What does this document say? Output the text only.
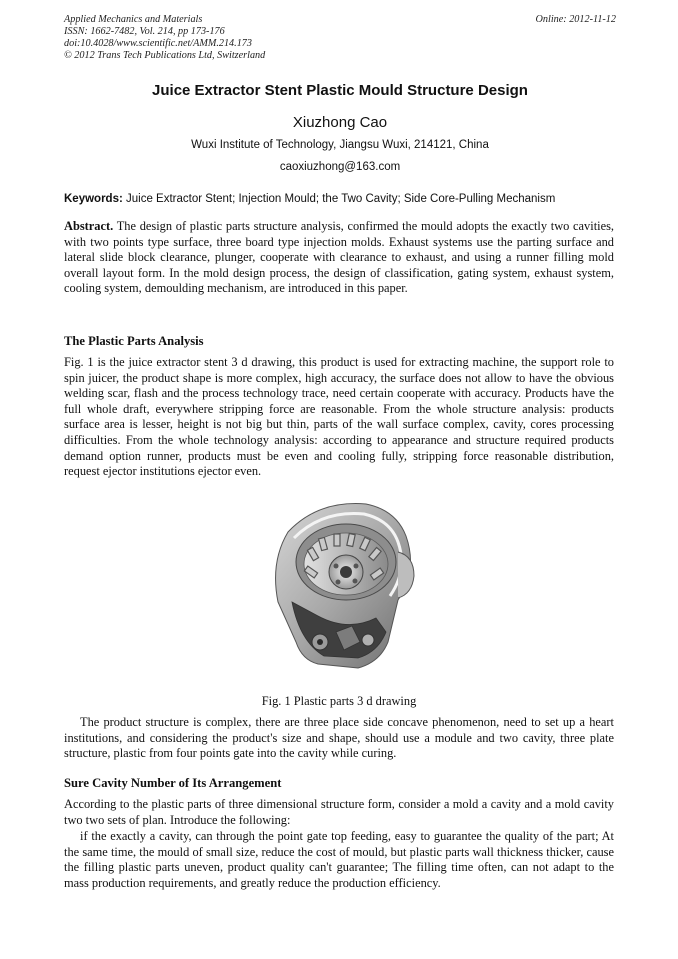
Applied Mechanics and Materials
ISSN: 1662-7482, Vol. 214, pp 173-176
doi:10.4028/www.scientific.net/AMM.214.173
© 2012 Trans Tech Publications Ltd, Switzerland
Online: 2012-11-12
Juice Extractor Stent Plastic Mould Structure Design
Xiuzhong Cao
Wuxi Institute of Technology, Jiangsu Wuxi, 214121, China
caoxiuzhong@163.com
Keywords: Juice Extractor Stent; Injection Mould; the Two Cavity; Side Core-Pulling Mechanism
Abstract. The design of plastic parts structure analysis, confirmed the mould adopts the exactly two cavities, with two points type surface, three board type injection molds. Exhaust systems use the parting surface and lateral slide block clearance, plunger, cooperate with clearance to exhaust, and using a runner filling mold overall layout form. In the mold design process, the design of classification, gating system, exhaust system, cooling system, demoulding mechanism, are introduced in this paper.
The Plastic Parts Analysis
Fig. 1 is the juice extractor stent 3 d drawing, this product is used for extracting machine, the support role to spin juicer, the product shape is more complex, high accuracy, the surface does not allow to have the obvious welding scar, flash and the process technology trace, need certain cooperate with accuracy. Products have the full whole draft, everywhere stripping force are reasonable. From the whole structure analysis: products surface area is lesser, height is not big but thin, parts of the wall surface complex, cavity, cores processing difficulties. From the whole technology analysis: according to appearance and structure required products demand option runner, products must be even and cooling fully, stripping force reasonable distribution, request ejector institutions ejector even.
Fig. 1 Plastic parts 3 d drawing
The product structure is complex, there are three place side concave phenomenon, need to set up a heart institutions, and considering the product's size and shape, should use a module and two cavity, three plate structure, plastic from four points gate into the cavity while curing.
Sure Cavity Number of Its Arrangement
According to the plastic parts of three dimensional structure form, consider a mold a cavity and a mold cavity two two sets of plan. Introduce the following:
if the exactly a cavity, can through the point gate top feeding, easy to guarantee the quality of the part; At the same time, the mould of small size, reduce the cost of mould, but plastic parts wall thickness thicker, cause the filling plastic parts uneven, product quality can't guarantee; The filling time often, can not adapt to the mass production requirements, and greatly reduce the production efficiency.
